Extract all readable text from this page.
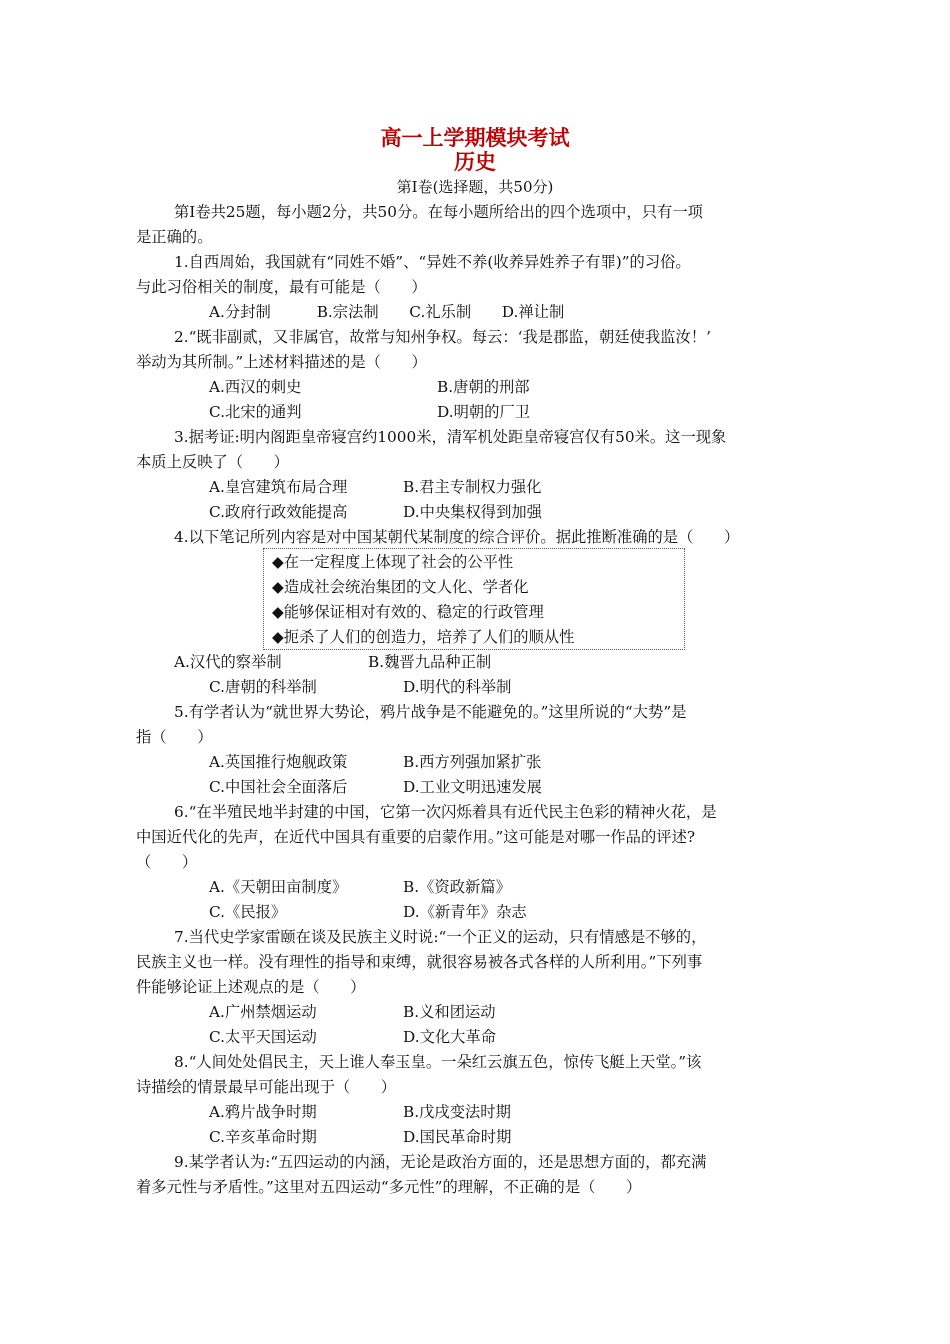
高一上学期模块考试
历史
第Ⅰ卷(选择题，共50分)
第Ⅰ卷共25题，每小题2分，共50分。在每小题所给出的四个选项中，只有一项
是正确的。
1.自西周始，我国就有“同姓不婚”、“异姓不养(收养异姓养子有罪)”的习俗。
与此习俗相关的制度，最有可能是（　　）
A.分封制　　　B.宗法制　　C.礼乐制　　D.禅让制
2.“既非副贰，又非属官，故常与知州争权。每云：‘我是郡监，朝廷使我监汝！’
举动为其所制。”上述材料描述的是（　　）
A.西汉的刺史	B.唐朝的刑部
C.北宋的通判	D.明朝的厂卫
3.据考证:明内阁距皇帝寝宫约1000米，清军机处距皇帝寝宫仅有50米。这一现象
本质上反映了（　　）
A.皇宫建筑布局合理	B.君主专制权力强化
C.政府行政效能提高	D.中央集权得到加强
4.以下笔记所列内容是对中国某朝代某制度的综合评价。据此推断准确的是（　　）
◆在一定程度上体现了社会的公平性
◆造成社会统治集团的文人化、学者化
◆能够保证相对有效的、稳定的行政管理
◆扼杀了人们的创造力，培养了人们的顺从性
A.汉代的察举制	B.魏晋九品种正制
C.唐朝的科举制	D.明代的科举制
5.有学者认为“就世界大势论，鸦片战争是不能避免的。”这里所说的“大势”是
指（　　）
A.英国推行炮舰政策	B.西方列强加紧扩张
C.中国社会全面落后	D.工业文明迅速发展
6.“在半殖民地半封建的中国，它第一次闪烁着具有近代民主色彩的精神火花，是
中国近代化的先声，在近代中国具有重要的启蒙作用。”这可能是对哪一作品的评述?
（　　）
A.《天朝田亩制度》	B.《资政新篇》
C.《民报》	D.《新青年》杂志
7.当代史学家雷颐在谈及民族主义时说:“一个正义的运动，只有情感是不够的，
民族主义也一样。没有理性的指导和束缚，就很容易被各式各样的人所利用。”下列事
件能够论证上述观点的是（　　）
A.广州禁烟运动	B.义和团运动
C.太平天国运动	D.文化大革命
8.“人间处处倡民主，天上谁人奉玉皇。一朵红云旗五色，惊传飞艇上天堂。”该
诗描绘的情景最早可能出现于（　　）
A.鸦片战争时期	B.戊戌变法时期
C.辛亥革命时期	D.国民革命时期
9.某学者认为:“五四运动的内涵，无论是政治方面的，还是思想方面的，都充满
着多元性与矛盾性。”这里对五四运动“多元性”的理解，不正确的是（　　）
